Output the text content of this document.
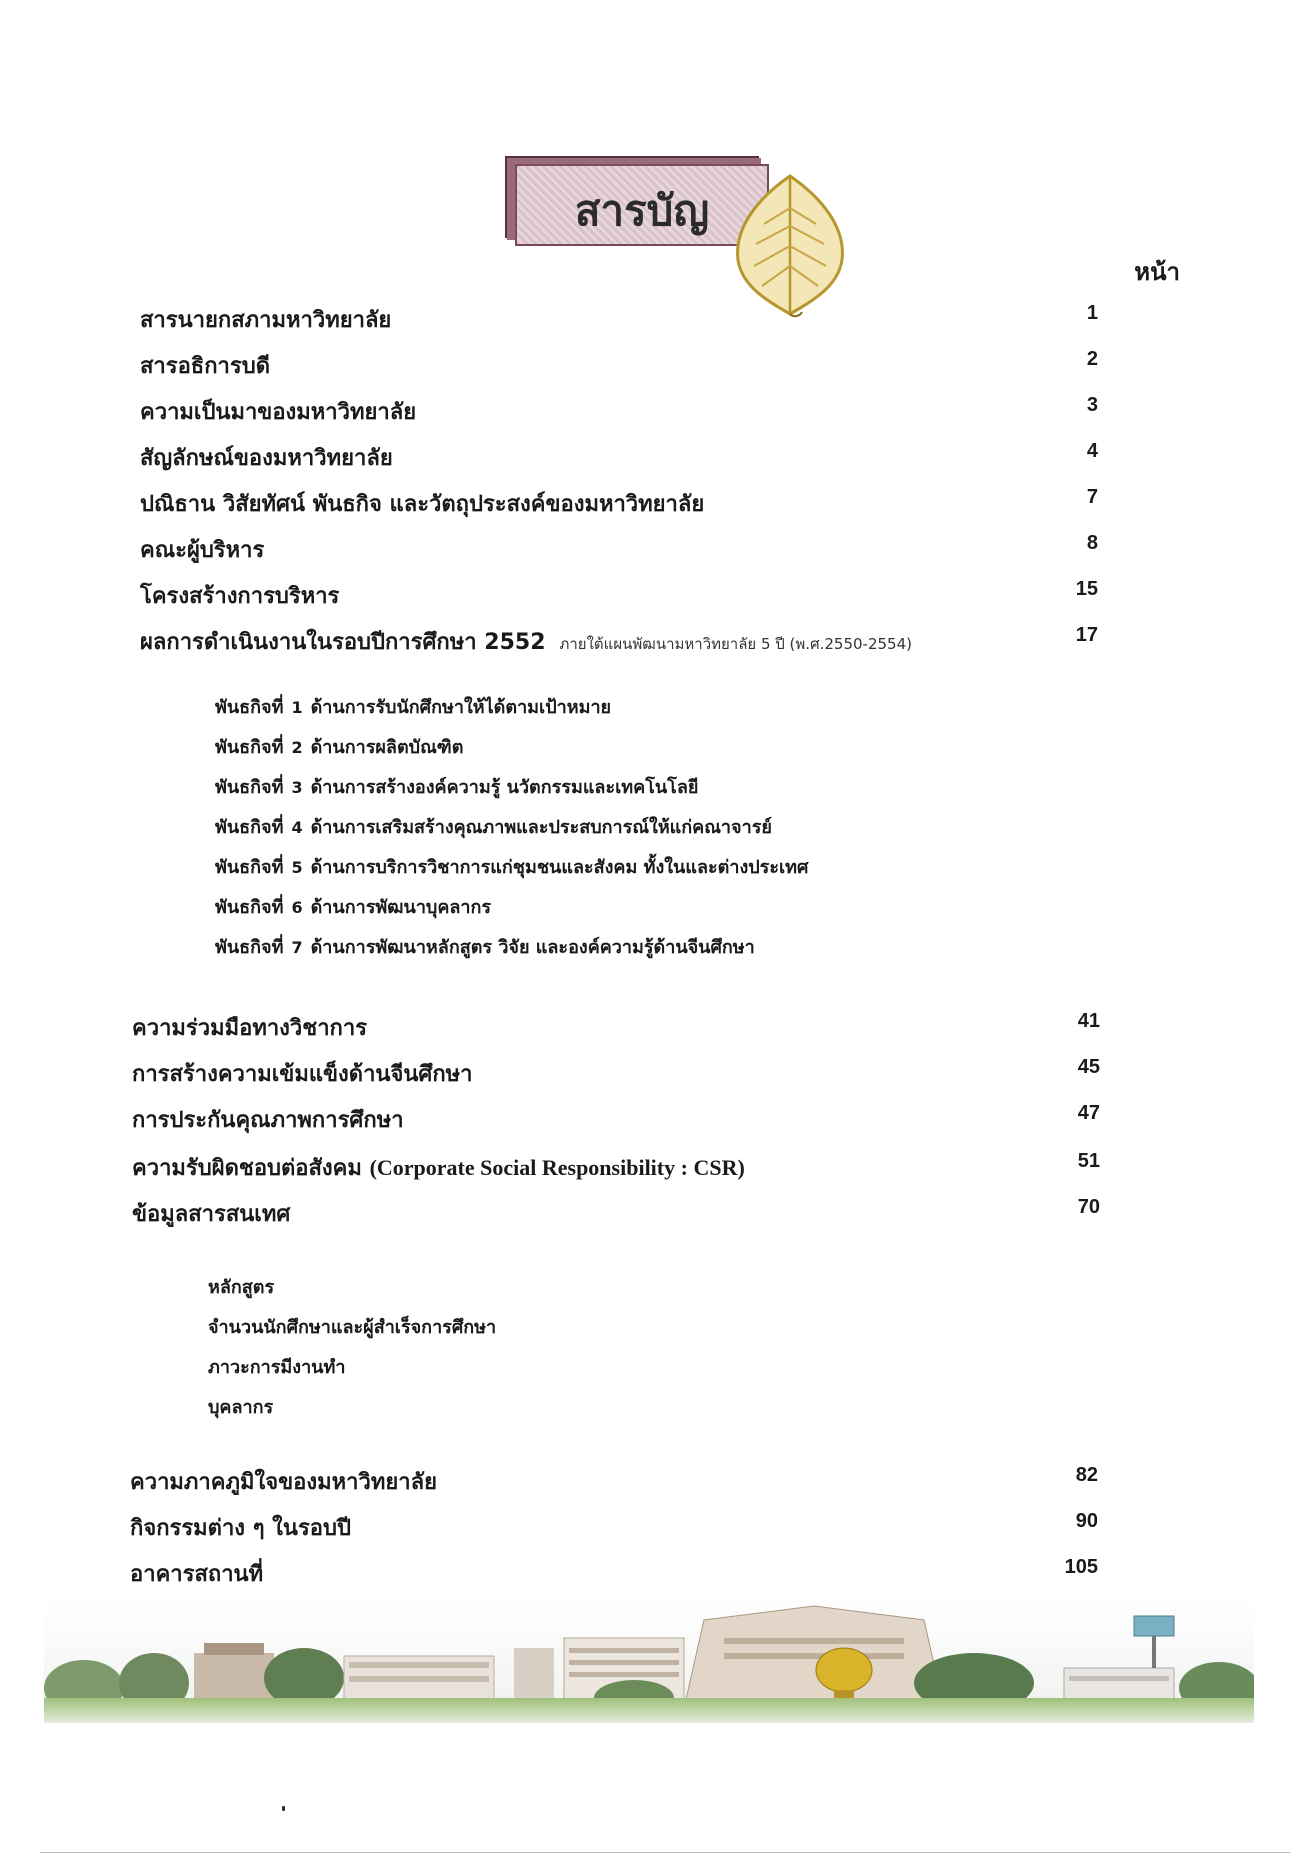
สารบัญ
หน้า
สารนายกสภามหาวิทยาลัย	1
สารอธิการบดี	2
ความเป็นมาของมหาวิทยาลัย	3
สัญลักษณ์ของมหาวิทยาลัย	4
ปณิธาน วิสัยทัศน์ พันธกิจ และวัตถุประสงค์ของมหาวิทยาลัย	7
คณะผู้บริหาร	8
โครงสร้างการบริหาร	15
ผลการดำเนินงานในรอบปีการศึกษา 2552 ภายใต้แผนพัฒนามหาวิทยาลัย 5 ปี (พ.ศ.2550-2554)	17
พันธกิจที่ 1 ด้านการรับนักศึกษาให้ได้ตามเป้าหมาย
พันธกิจที่ 2 ด้านการผลิตบัณฑิต
พันธกิจที่ 3 ด้านการสร้างองค์ความรู้ นวัตกรรมและเทคโนโลยี
พันธกิจที่ 4 ด้านการเสริมสร้างคุณภาพและประสบการณ์ให้แก่คณาจารย์
พันธกิจที่ 5 ด้านการบริการวิชาการแก่ชุมชนและสังคม ทั้งในและต่างประเทศ
พันธกิจที่ 6 ด้านการพัฒนาบุคลากร
พันธกิจที่ 7 ด้านการพัฒนาหลักสูตร วิจัย และองค์ความรู้ด้านจีนศึกษา
ความร่วมมือทางวิชาการ	41
การสร้างความเข้มแข็งด้านจีนศึกษา	45
การประกันคุณภาพการศึกษา	47
ความรับผิดชอบต่อสังคม (Corporate Social Responsibility : CSR)	51
ข้อมูลสารสนเทศ	70
หลักสูตร
จำนวนนักศึกษาและผู้สำเร็จการศึกษา
ภาวะการมีงานทำ
บุคลากร
ความภาคภูมิใจของมหาวิทยาลัย	82
กิจกรรมต่าง ๆ ในรอบปี	90
อาคารสถานที่	105
